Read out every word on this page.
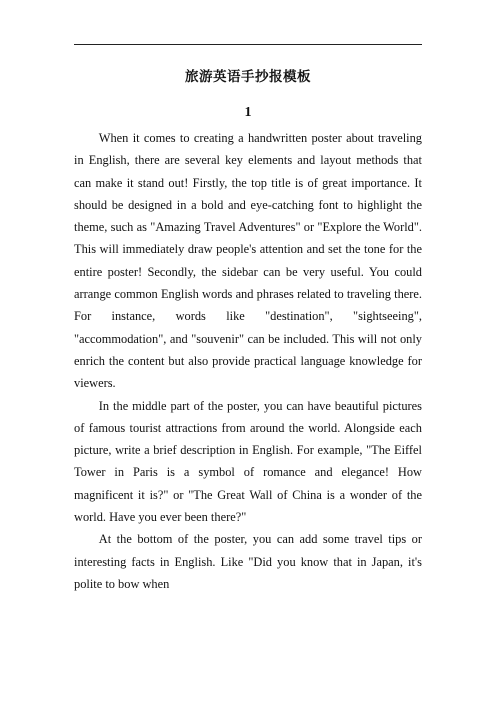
旅游英语手抄报模板
1

When it comes to creating a handwritten poster about traveling in English, there are several key elements and layout methods that can make it stand out! Firstly, the top title is of great importance. It should be designed in a bold and eye-catching font to highlight the theme, such as "Amazing Travel Adventures" or "Explore the World". This will immediately draw people's attention and set the tone for the entire poster! Secondly, the sidebar can be very useful. You could arrange common English words and phrases related to traveling there. For instance, words like "destination", "sightseeing", "accommodation", and "souvenir" can be included. This will not only enrich the content but also provide practical language knowledge for viewers.

In the middle part of the poster, you can have beautiful pictures of famous tourist attractions from around the world. Alongside each picture, write a brief description in English. For example, "The Eiffel Tower in Paris is a symbol of romance and elegance! How magnificent it is?" or "The Great Wall of China is a wonder of the world. Have you ever been there?"

At the bottom of the poster, you can add some travel tips or interesting facts in English. Like "Did you know that in Japan, it's polite to bow when
